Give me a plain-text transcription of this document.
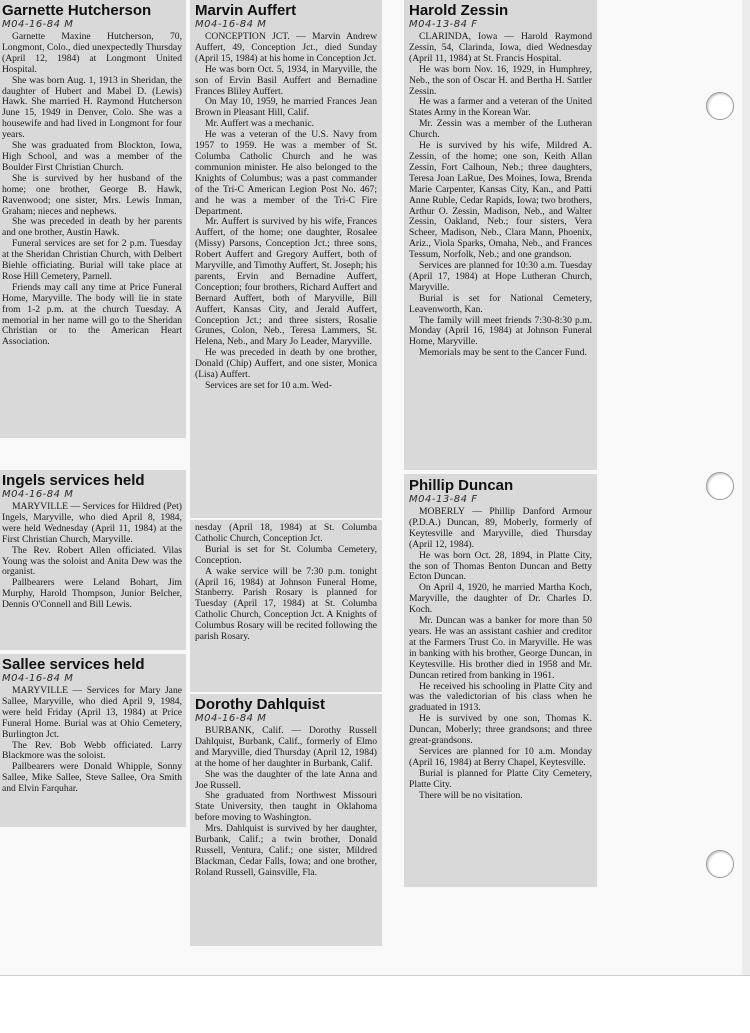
Garnette Hutcherson
M04-16-84 M

Garnette Maxine Hutcherson, 70, Longmont, Colo., died unexpectedly Thursday (April 12, 1984) at Longmont United Hospital.

She was born Aug. 1, 1913 in Sheridan, the daughter of Hubert and Mabel D. (Lewis) Hawk. She married H. Raymond Hutcherson June 15, 1949 in Denver, Colo. She was a housewife and had lived in Longmont for four years.

She was graduated from Blockton, Iowa, High School, and was a member of the Boulder First Christian Church.

She is survived by her husband of the home; one brother, George B. Hawk, Ravenwood; one sister, Mrs. Lewis Inman, Graham; nieces and nephews.

She was preceded in death by her parents and one brother, Austin Hawk.

Funeral services are set for 2 p.m. Tuesday at the Sheridan Christian Church, with Delbert Biehle officiating. Burial will take place at Rose Hill Cemetery, Parnell.

Friends may call any time at Price Funeral Home, Maryville. The body will lie in state from 1-2 p.m. at the church Tuesday. A memorial in her name will go to the Sheridan Christian or to the American Heart Association.

Ingels services held
M04-16-84 M

MARYVILLE — Services for Hildred (Pet) Ingels, Maryville, who died April 8, 1984, were held Wednesday (April 11, 1984) at the First Christian Church, Maryville.

The Rev. Robert Allen officiated. Vilas Young was the soloist and Anita Dew was the organist.

Pallbearers were Leland Bohart, Jim Murphy, Harold Thompson, Junior Belcher, Dennis O'Connell and Bill Lewis.

Sallee services held
M04-16-84 M

MARYVILLE — Services for Mary Jane Sallee, Maryville, who died April 9, 1984, were held Friday (April 13, 1984) at Price Funeral Home. Burial was at Ohio Cemetery, Burlington Jct.

The Rev. Bob Webb officiated. Larry Blackmore was the soloist.

Pallbearers were Donald Whipple, Sonny Sallee, Mike Sallee, Steve Sallee, Ora Smith and Elvin Farquhar.

Marvin Auffert
M04-16-84 M

CONCEPTION JCT. — Marvin Andrew Auffert, 49, Conception Jct., died Sunday (April 15, 1984) at his home in Conception Jct.

He was born Oct. 5, 1934, in Maryville, the son of Ervin Basil Auffert and Bernadine Frances Bliley Auffert.

On May 10, 1959, he married Frances Jean Brown in Pleasant Hill, Calif.

Mr. Auffert was a mechanic.

He was a veteran of the U.S. Navy from 1957 to 1959. He was a member of St. Columba Catholic Church and he was communion minister. He also belonged to the Knights of Columbus; was a past commander of the Tri-C American Legion Post No. 467; and he was a member of the Tri-C Fire Department.

Mr. Auffert is survived by his wife, Frances Auffert, of the home; one daughter, Rosalee (Missy) Parsons, Conception Jct.; three sons, Robert Auffert and Gregory Auffert, both of Maryville, and Timothy Auffert, St. Joseph; his parents, Ervin and Bernadine Auffert, Conception; four brothers, Richard Auffert and Bernard Auffert, both of Maryville, Bill Auffert, Kansas City, and Jerald Auffert, Conception Jct.; and three sisters, Rosalie Grunes, Colon, Neb., Teresa Lammers, St. Helena, Neb., and Mary Jo Leader, Maryville.

He was preceded in death by one brother, Donald (Chip) Auffert, and one sister, Monica (Lisa) Auffert.

Services are set for 10 a.m. Wed-

nesday (April 18, 1984) at St. Columba Catholic Church, Conception Jct.

Burial is set for St. Columba Cemetery, Conception.

A wake service will be 7:30 p.m. tonight (April 16, 1984) at Johnson Funeral Home, Stanberry. Parish Rosary is planned for Tuesday (April 17, 1984) at St. Columba Catholic Church, Conception Jct. A Knights of Columbus Rosary will be recited following the parish Rosary.

Dorothy Dahlquist
M04-16-84 M

BURBANK, Calif. — Dorothy Russell Dahlquist, Burbank, Calif., formerly of Elmo and Maryville, died Thursday (April 12, 1984) at the home of her daughter in Burbank, Calif.

She was the daughter of the late Anna and Joe Russell.

She graduated from Northwest Missouri State University, then taught in Oklahoma before moving to Washington.

Mrs. Dahlquist is survived by her daughter, Burbank, Calif.; a twin brother, Donald Russell, Ventura, Calif.; one sister, Mildred Blackman, Cedar Falls, Iowa; and one brother, Roland Russell, Gainsville, Fla.

Harold Zessin
M04-13-84 F

CLARINDA, Iowa — Harold Raymond Zessin, 54, Clarinda, Iowa, died Wednesday (April 11, 1984) at St. Francis Hospital.

He was born Nov. 16, 1929, in Humphrey, Neb., the son of Oscar H. and Bertha H. Sattler Zessin.

He was a farmer and a veteran of the United States Army in the Korean War.

Mr. Zessin was a member of the Lutheran Church.

He is survived by his wife, Mildred A. Zessin, of the home; one son, Keith Allan Zessin, Fort Calhoun, Neb.; three daughters, Teresa Joan LaRue, Des Moines, Iowa, Brenda Marie Carpenter, Kansas City, Kan., and Patti Anne Ruble, Cedar Rapids, Iowa; two brothers, Arthur O. Zessin, Madison, Neb., and Walter Zessin, Oakland, Neb.; four sisters, Vera Scheer, Madison, Neb., Clara Mann, Phoenix, Ariz., Viola Sparks, Omaha, Neb., and Frances Tessum, Norfolk, Neb.; and one grandson.

Services are planned for 10:30 a.m. Tuesday (April 17, 1984) at Hope Lutheran Church, Maryville.

Burial is set for National Cemetery, Leavenworth, Kan.

The family will meet friends 7:30-8:30 p.m. Monday (April 16, 1984) at Johnson Funeral Home, Maryville.

Memorials may be sent to the Cancer Fund.

Phillip Duncan
M04-13-84 F

MOBERLY — Phillip Danford Armour (P.D.A.) Duncan, 89, Moberly, formerly of Keytesville and Maryville, died Thursday (April 12, 1984).

He was born Oct. 28, 1894, in Platte City, the son of Thomas Benton Duncan and Betty Ecton Duncan.

On April 4, 1920, he married Martha Koch, Maryville, the daughter of Dr. Charles D. Koch.

Mr. Duncan was a banker for more than 50 years. He was an assistant cashier and creditor at the Farmers Trust Co. in Maryville. He was in banking with his brother, George Duncan, in Keytesville. His brother died in 1958 and Mr. Duncan retired from banking in 1961.

He received his schooling in Platte City and was the valedictorian of his class when he graduated in 1913.

He is survived by one son, Thomas K. Duncan, Moberly; three grandsons; and three great-grandsons.

Services are planned for 10 a.m. Monday (April 16, 1984) at Berry Chapel, Keytesville.

Burial is planned for Platte City Cemetery, Platte City.

There will be no visitation.
